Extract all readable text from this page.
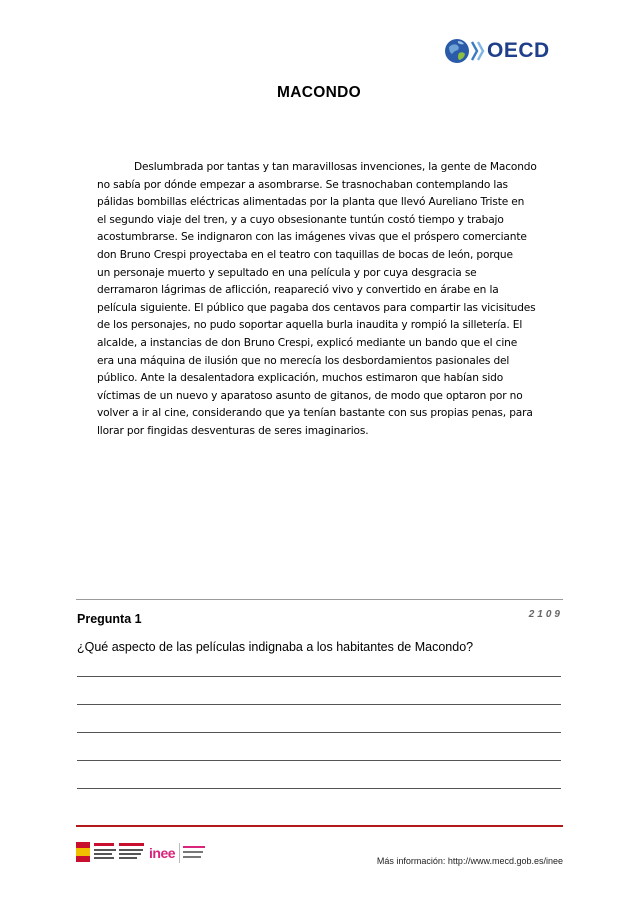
OECD
MACONDO

Deslumbrada por tantas y tan maravillosas invenciones, la gente de Macondo
no sabía por dónde empezar a asombrarse. Se trasnochaban contemplando las
pálidas bombillas eléctricas alimentadas por la planta que llevó Aureliano Triste en
el segundo viaje del tren, y a cuyo obsesionante tuntún costó tiempo y trabajo
acostumbrarse. Se indignaron con las imágenes vivas que el próspero comerciante
don Bruno Crespi proyectaba en el teatro con taquillas de bocas de león, porque
un personaje muerto y sepultado en una película y por cuya desgracia se
derramaron lágrimas de aflicción, reapareció vivo y convertido en árabe en la
película siguiente. El público que pagaba dos centavos para compartir las vicisitudes
de los personajes, no pudo soportar aquella burla inaudita y rompió la silletería. El
alcalde, a instancias de don Bruno Crespi, explicó mediante un bando que el cine
era una máquina de ilusión que no merecía los desbordamientos pasionales del
público. Ante la desalentadora explicación, muchos estimaron que habían sido
víctimas de un nuevo y aparatoso asunto de gitanos, de modo que optaron por no
volver a ir al cine, considerando que ya tenían bastante con sus propias penas, para
llorar por fingidas desventuras de seres imaginarios.

Pregunta 1	2109
¿Qué aspecto de las películas indignaba a los habitantes de Macondo?
inee	Más información: http://www.mecd.gob.es/inee
